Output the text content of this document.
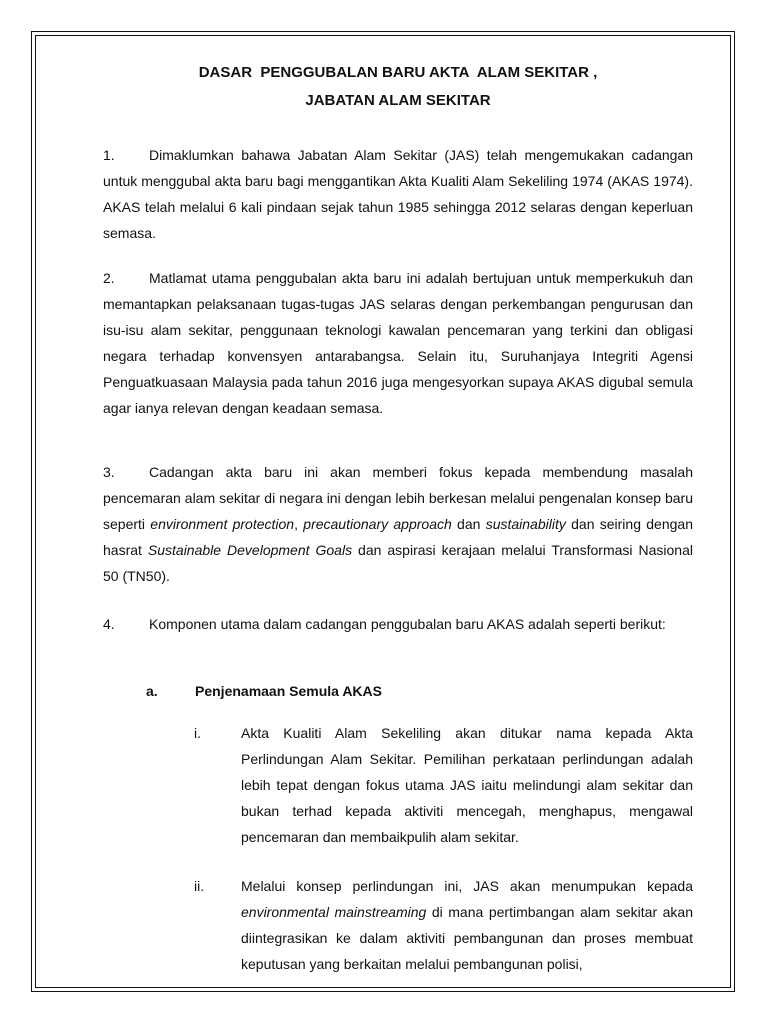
DASAR  PENGGUBALAN BARU AKTA  ALAM SEKITAR ,

JABATAN ALAM SEKITAR

1. Dimaklumkan bahawa Jabatan Alam Sekitar (JAS) telah mengemukakan cadangan untuk menggubal akta baru bagi menggantikan Akta Kualiti Alam Sekeliling 1974 (AKAS 1974). AKAS telah melalui 6 kali pindaan sejak tahun 1985 sehingga 2012 selaras dengan keperluan semasa.

2. Matlamat utama penggubalan akta baru ini adalah bertujuan untuk memperkukuh dan memantapkan pelaksanaan tugas-tugas JAS selaras dengan perkembangan pengurusan dan isu-isu alam sekitar, penggunaan teknologi kawalan pencemaran yang terkini dan obligasi negara terhadap konvensyen antarabangsa. Selain itu, Suruhanjaya Integriti Agensi Penguatkuasaan Malaysia pada tahun 2016 juga mengesyorkan supaya AKAS digubal semula agar ianya relevan dengan keadaan semasa.

3. Cadangan akta baru ini akan memberi fokus kepada membendung masalah pencemaran alam sekitar di negara ini dengan lebih berkesan melalui pengenalan konsep baru seperti environment protection, precautionary approach dan sustainability dan seiring dengan hasrat Sustainable Development Goals dan aspirasi kerajaan melalui Transformasi Nasional 50 (TN50).

4. Komponen utama dalam cadangan penggubalan baru AKAS adalah seperti berikut:

a.	Penjenamaan Semula AKAS
i.	Akta Kualiti Alam Sekeliling akan ditukar nama kepada Akta Perlindungan Alam Sekitar. Pemilihan perkataan perlindungan adalah lebih tepat dengan fokus utama JAS iaitu melindungi alam sekitar dan bukan terhad kepada aktiviti mencegah, menghapus, mengawal pencemaran dan membaikpulih alam sekitar.
ii.	Melalui konsep perlindungan ini, JAS akan menumpukan kepada environmental mainstreaming di mana pertimbangan alam sekitar akan diintegrasikan ke dalam aktiviti pembangunan dan proses membuat keputusan yang berkaitan melalui pembangunan polisi,
